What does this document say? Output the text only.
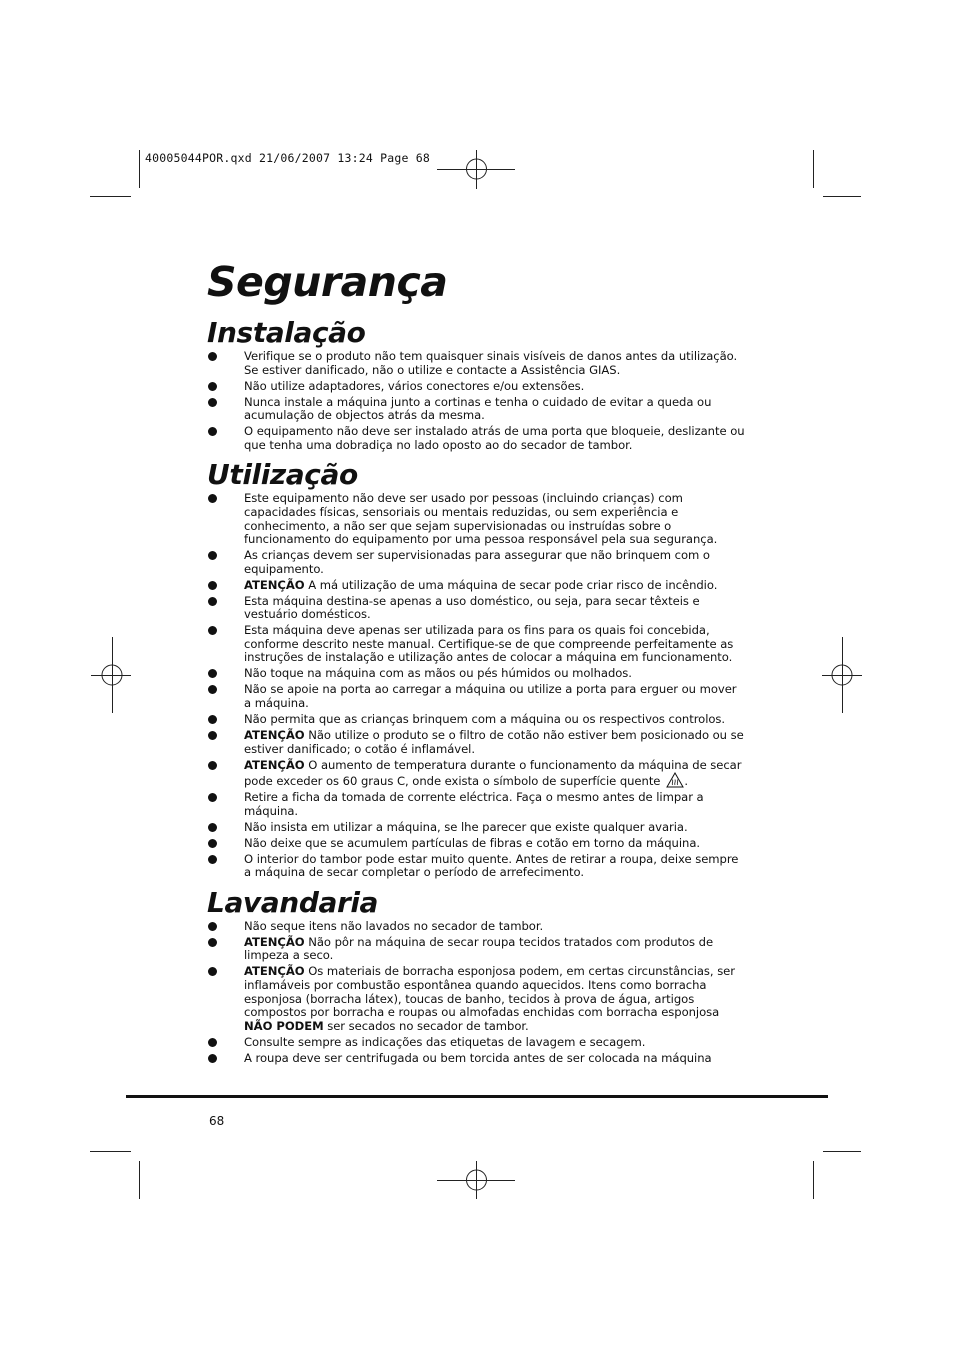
40005044POR.qxd 21/06/2007 13:24 Page 68
Segurança
Instalação
Verifique se o produto não tem quaisquer sinais visíveis de danos antes da utilização. Se estiver danificado, não o utilize e contacte a Assistência GIAS.
Não utilize adaptadores, vários conectores e/ou extensões.
Nunca instale a máquina junto a cortinas e tenha o cuidado de evitar a queda ou acumulação de objectos atrás da mesma.
O equipamento não deve ser instalado atrás de uma porta que bloqueie, deslizante ou que tenha uma dobradiça no lado oposto ao do secador de tambor.
Utilização
Este equipamento não deve ser usado por pessoas (incluindo crianças) com capacidades físicas, sensoriais ou mentais reduzidas, ou sem experiência e conhecimento, a não ser que sejam supervisionadas ou instruídas sobre o funcionamento do equipamento por uma pessoa responsável pela sua segurança.
As crianças devem ser supervisionadas para assegurar que não brinquem com o equipamento.
ATENÇÃO A má utilização de uma máquina de secar pode criar risco de incêndio.
Esta máquina destina-se apenas a uso doméstico, ou seja, para secar têxteis e vestuário domésticos.
Esta máquina deve apenas ser utilizada para os fins para os quais foi concebida, conforme descrito neste manual. Certifique-se de que compreende perfeitamente as instruções de instalação e utilização antes de colocar a máquina em funcionamento.
Não toque na máquina com as mãos ou pés húmidos ou molhados.
Não se apoie na porta ao carregar a máquina ou utilize a porta para erguer ou mover a máquina.
Não permita que as crianças brinquem com a máquina ou os respectivos controlos.
ATENÇÃO Não utilize o produto se o filtro de cotão não estiver bem posicionado ou se estiver danificado; o cotão é inflamável.
ATENÇÃO O aumento de temperatura durante o funcionamento da máquina de secar pode exceder os 60 graus C, onde exista o símbolo de superfície quente .
Retire a ficha da tomada de corrente eléctrica. Faça o mesmo antes de limpar a máquina.
Não insista em utilizar a máquina, se lhe parecer que existe qualquer avaria.
Não deixe que se acumulem partículas de fibras e cotão em torno da máquina.
O interior do tambor pode estar muito quente. Antes de retirar a roupa, deixe sempre a máquina de secar completar o período de arrefecimento.
Lavandaria
Não seque itens não lavados no secador de tambor.
ATENÇÃO Não pôr na máquina de secar roupa tecidos tratados com produtos de limpeza a seco.
ATENÇÃO Os materiais de borracha esponjosa podem, em certas circunstâncias, ser inflamáveis por combustão espontânea quando aquecidos. Itens como borracha esponjosa (borracha látex), toucas de banho, tecidos à prova de água, artigos compostos por borracha e roupas ou almofadas enchidas com borracha esponjosa NÃO PODEM ser secados no secador de tambor.
Consulte sempre as indicações das etiquetas de lavagem e secagem.
A roupa deve ser centrifugada ou bem torcida antes de ser colocada na máquina
68
